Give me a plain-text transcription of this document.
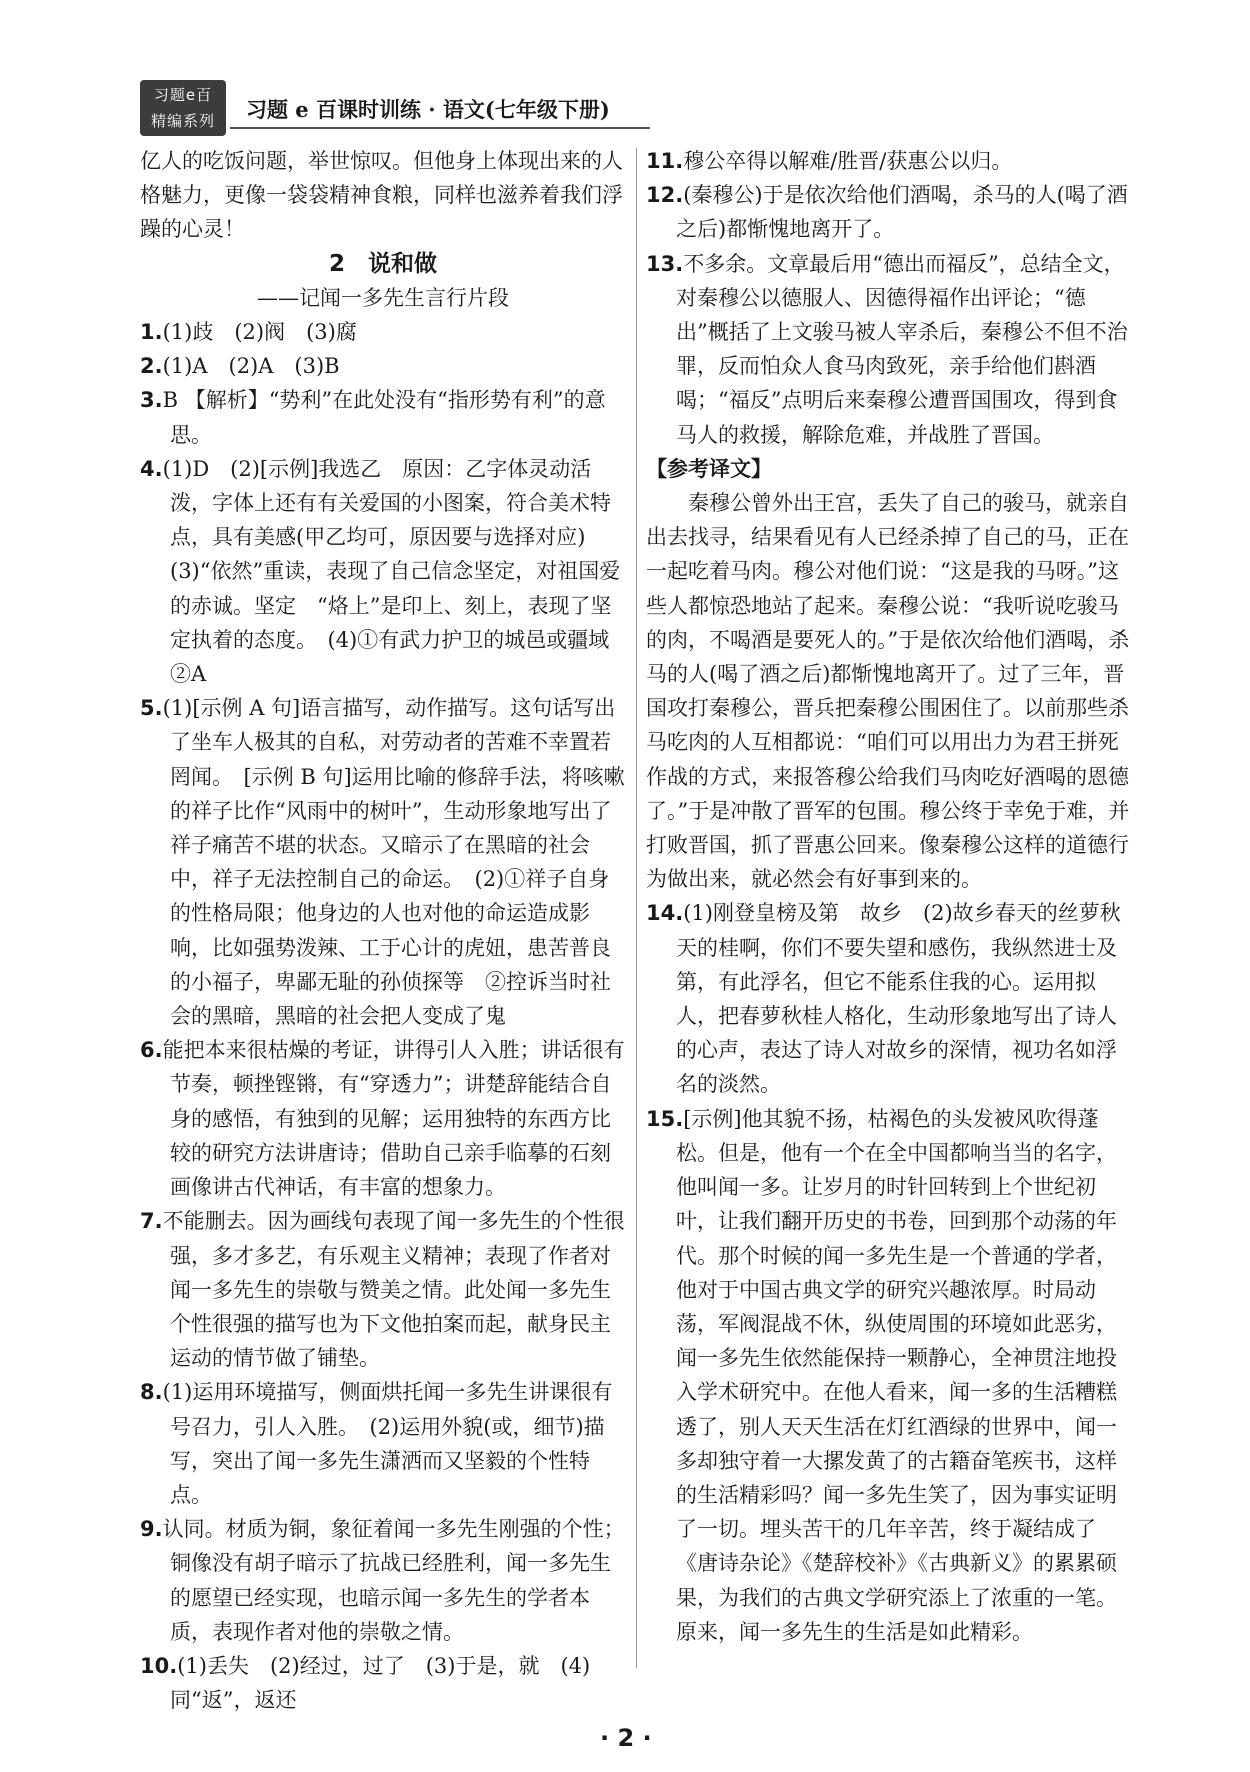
习题e百
精编系列	习题 e 百课时训练 · 语文(七年级下册)
亿人的吃饭问题，举世惊叹。但他身上体现出来的人格魅力，更像一袋袋精神食粮，同样也滋养着我们浮躁的心灵！
2　说和做
——记闻一多先生言行片段
1.(1)歧　(2)阀　(3)腐
2.(1)A　(2)A　(3)B
3.B 【解析】“势利”在此处没有“指形势有利”的意思。
4.(1)D　(2)[示例]我选乙　原因：乙字体灵动活泼，字体上还有有关爱国的小图案，符合美术特点，具有美感(甲乙均可，原因要与选择对应)　(3)“依然”重读，表现了自己信念坚定，对祖国爱的赤诚。坚定　“烙上”是印上、刻上，表现了坚定执着的态度。　(4)①有武力护卫的城邑或疆域　②A
5.(1)[示例 A 句]语言描写，动作描写。这句话写出了坐车人极其的自私，对劳动者的苦难不幸置若罔闻。　[示例 B 句]运用比喻的修辞手法，将咳嗽的祥子比作“风雨中的树叶”，生动形象地写出了祥子痛苦不堪的状态。又暗示了在黑暗的社会中，祥子无法控制自己的命运。　(2)①祥子自身的性格局限；他身边的人也对他的命运造成影响，比如强势泼辣、工于心计的虎妞，患苦普良的小福子，卑鄙无耻的孙侦探等　②控诉当时社会的黑暗，黑暗的社会把人变成了鬼
6.能把本来很枯燥的考证，讲得引人入胜；讲话很有节奏，顿挫铿锵，有“穿透力”；讲楚辞能结合自身的感悟，有独到的见解；运用独特的东西方比较的研究方法讲唐诗；借助自己亲手临摹的石刻画像讲古代神话，有丰富的想象力。
7.不能删去。因为画线句表现了闻一多先生的个性很强，多才多艺，有乐观主义精神；表现了作者对闻一多先生的崇敬与赞美之情。此处闻一多先生个性很强的描写也为下文他拍案而起，献身民主运动的情节做了铺垫。
8.(1)运用环境描写，侧面烘托闻一多先生讲课很有号召力，引人入胜。　(2)运用外貌(或，细节)描写，突出了闻一多先生潇洒而又坚毅的个性特点。
9.认同。材质为铜，象征着闻一多先生刚强的个性；铜像没有胡子暗示了抗战已经胜利，闻一多先生的愿望已经实现，也暗示闻一多先生的学者本质，表现作者对他的崇敬之情。
10.(1)丢失　(2)经过，过了　(3)于是，就　(4)同“返”，返还
11.穆公卒得以解难/胜晋/获惠公以归。
12.(秦穆公)于是依次给他们酒喝，杀马的人(喝了酒之后)都惭愧地离开了。
13.不多余。文章最后用“德出而福反”，总结全文，对秦穆公以德服人、因德得福作出评论；“德出”概括了上文骏马被人宰杀后，秦穆公不但不治罪，反而怕众人食马肉致死，亲手给他们斟酒喝；“福反”点明后来秦穆公遭晋国围攻，得到食马人的救援，解除危难，并战胜了晋国。
【参考译文】
秦穆公曾外出王宫，丢失了自己的骏马，就亲自出去找寻，结果看见有人已经杀掉了自己的马，正在一起吃着马肉。穆公对他们说：“这是我的马呀。”这些人都惊恐地站了起来。秦穆公说：“我听说吃骏马的肉，不喝酒是要死人的。”于是依次给他们酒喝，杀马的人(喝了酒之后)都惭愧地离开了。过了三年，晋国攻打秦穆公，晋兵把秦穆公围困住了。以前那些杀马吃肉的人互相都说：“咱们可以用出力为君王拼死作战的方式，来报答穆公给我们马肉吃好酒喝的恩德了。”于是冲散了晋军的包围。穆公终于幸免于难，并打败晋国，抓了晋惠公回来。像秦穆公这样的道德行为做出来，就必然会有好事到来的。
14.(1)刚登皇榜及第　故乡　(2)故乡春天的丝萝秋天的桂啊，你们不要失望和感伤，我纵然进士及第，有此浮名，但它不能系住我的心。运用拟人，把春萝秋桂人格化，生动形象地写出了诗人的心声，表达了诗人对故乡的深情，视功名如浮名的淡然。
15.[示例]他其貌不扬，枯褐色的头发被风吹得蓬松。但是，他有一个在全中国都响当当的名字，他叫闻一多。让岁月的时针回转到上个世纪初叶，让我们翻开历史的书卷，回到那个动荡的年代。那个时候的闻一多先生是一个普通的学者，他对于中国古典文学的研究兴趣浓厚。时局动荡，军阀混战不休，纵使周围的环境如此恶劣，闻一多先生依然能保持一颗静心，全神贯注地投入学术研究中。在他人看来，闻一多的生活糟糕透了，别人天天生活在灯红酒绿的世界中，闻一多却独守着一大摞发黄了的古籍奋笔疾书，这样的生活精彩吗？闻一多先生笑了，因为事实证明了一切。埋头苦干的几年辛苦，终于凝结成了《唐诗杂论》《楚辞校补》《古典新义》的累累硕果，为我们的古典文学研究添上了浓重的一笔。原来，闻一多先生的生活是如此精彩。
· 2 ·
